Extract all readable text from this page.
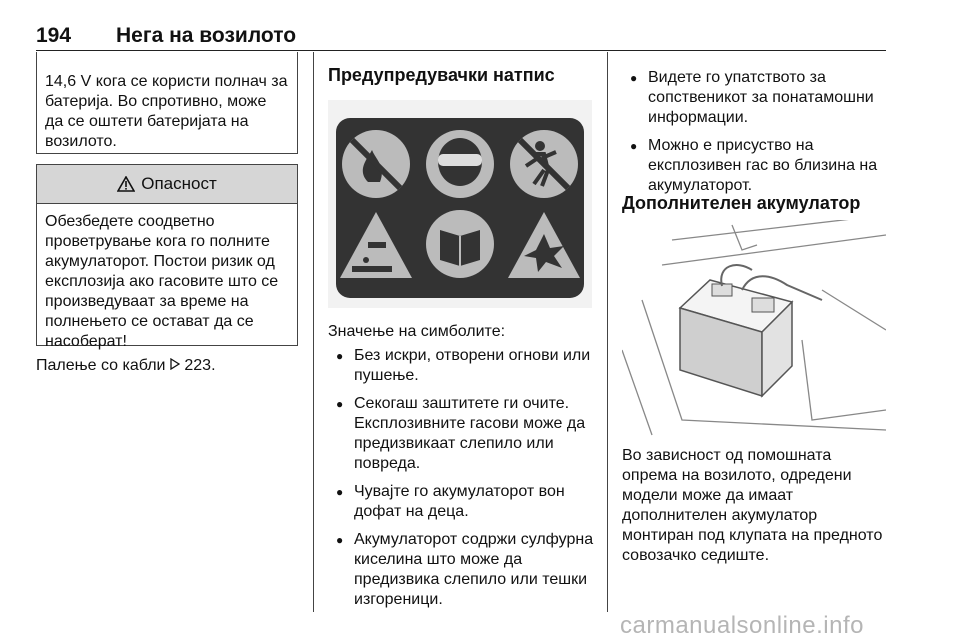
194 Нега на возилото
14,6 V кога се користи полнач за батерија. Во спротивно, може да се оштети батеријата на возилото.
Опасност
Обезбедете соодветно проветрување кога го полните акумулаторот. Постои ризик од експлозија ако гасовите што се произведуваат за време на полнењето се остават да се насоберат!
Палење со кабли  223.
Предупредувачки натпис
Значење на симболите:
● Без искри, отворени огнови или пушење.
● Секогаш заштитете ги очите. Експлозивните гасови може да предизвикаат слепило или повреда.
● Чувајте го акумулаторот вон дофат на деца.
● Акумулаторот содржи сулфурна киселина што може да предизвика слепило или тешки изгореници.
● Видете го упатството за сопственикот за понатамошни информации.
● Можно е присуство на експлозивен гас во близина на акумулаторот.
Дополнителен акумулатор
Во зависност од помошната опрема на возилото, одредени модели може да имаат дополнителен акумулатор монтиран под клупата на предното совозачко седиште.
carmanualsonline.info
